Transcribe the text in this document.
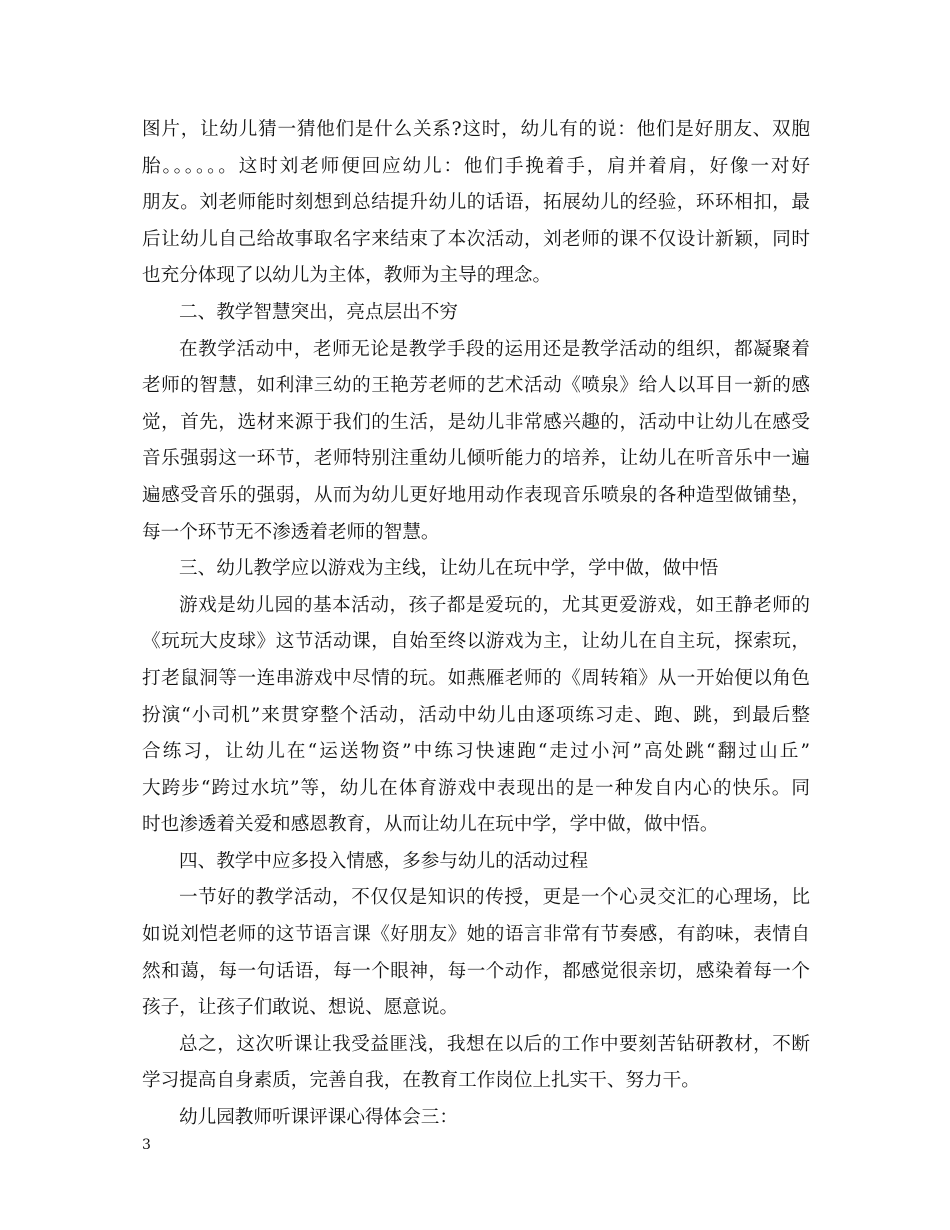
图片，让幼儿猜一猜他们是什么关系?这时，幼儿有的说：他们是好朋友、双胞
胎。。。。。。这时刘老师便回应幼儿：他们手挽着手，肩并着肩，好像一对好
朋友。刘老师能时刻想到总结提升幼儿的话语，拓展幼儿的经验，环环相扣，最
后让幼儿自己给故事取名字来结束了本次活动，刘老师的课不仅设计新颖，同时
也充分体现了以幼儿为主体，教师为主导的理念。
二、教学智慧突出，亮点层出不穷
在教学活动中，老师无论是教学手段的运用还是教学活动的组织，都凝聚着
老师的智慧，如利津三幼的王艳芳老师的艺术活动《喷泉》给人以耳目一新的感
觉，首先，选材来源于我们的生活，是幼儿非常感兴趣的，活动中让幼儿在感受
音乐强弱这一环节，老师特别注重幼儿倾听能力的培养，让幼儿在听音乐中一遍
遍感受音乐的强弱，从而为幼儿更好地用动作表现音乐喷泉的各种造型做铺垫，
每一个环节无不渗透着老师的智慧。
三、幼儿教学应以游戏为主线，让幼儿在玩中学，学中做，做中悟
游戏是幼儿园的基本活动，孩子都是爱玩的，尤其更爱游戏，如王静老师的
《玩玩大皮球》这节活动课，自始至终以游戏为主，让幼儿在自主玩，探索玩，
打老鼠洞等一连串游戏中尽情的玩。如燕雁老师的《周转箱》从一开始便以角色
扮演“小司机”来贯穿整个活动，活动中幼儿由逐项练习走、跑、跳，到最后整
合练习，让幼儿在“运送物资”中练习快速跑“走过小河”高处跳“翻过山丘”
大跨步“跨过水坑”等，幼儿在体育游戏中表现出的是一种发自内心的快乐。同
时也渗透着关爱和感恩教育，从而让幼儿在玩中学，学中做，做中悟。
四、教学中应多投入情感，多参与幼儿的活动过程
一节好的教学活动，不仅仅是知识的传授，更是一个心灵交汇的心理场，比
如说刘恺老师的这节语言课《好朋友》她的语言非常有节奏感，有韵味，表情自
然和蔼，每一句话语，每一个眼神，每一个动作，都感觉很亲切，感染着每一个
孩子，让孩子们敢说、想说、愿意说。
总之，这次听课让我受益匪浅，我想在以后的工作中要刻苦钻研教材，不断
学习提高自身素质，完善自我，在教育工作岗位上扎实干、努力干。
幼儿园教师听课评课心得体会三：
3
